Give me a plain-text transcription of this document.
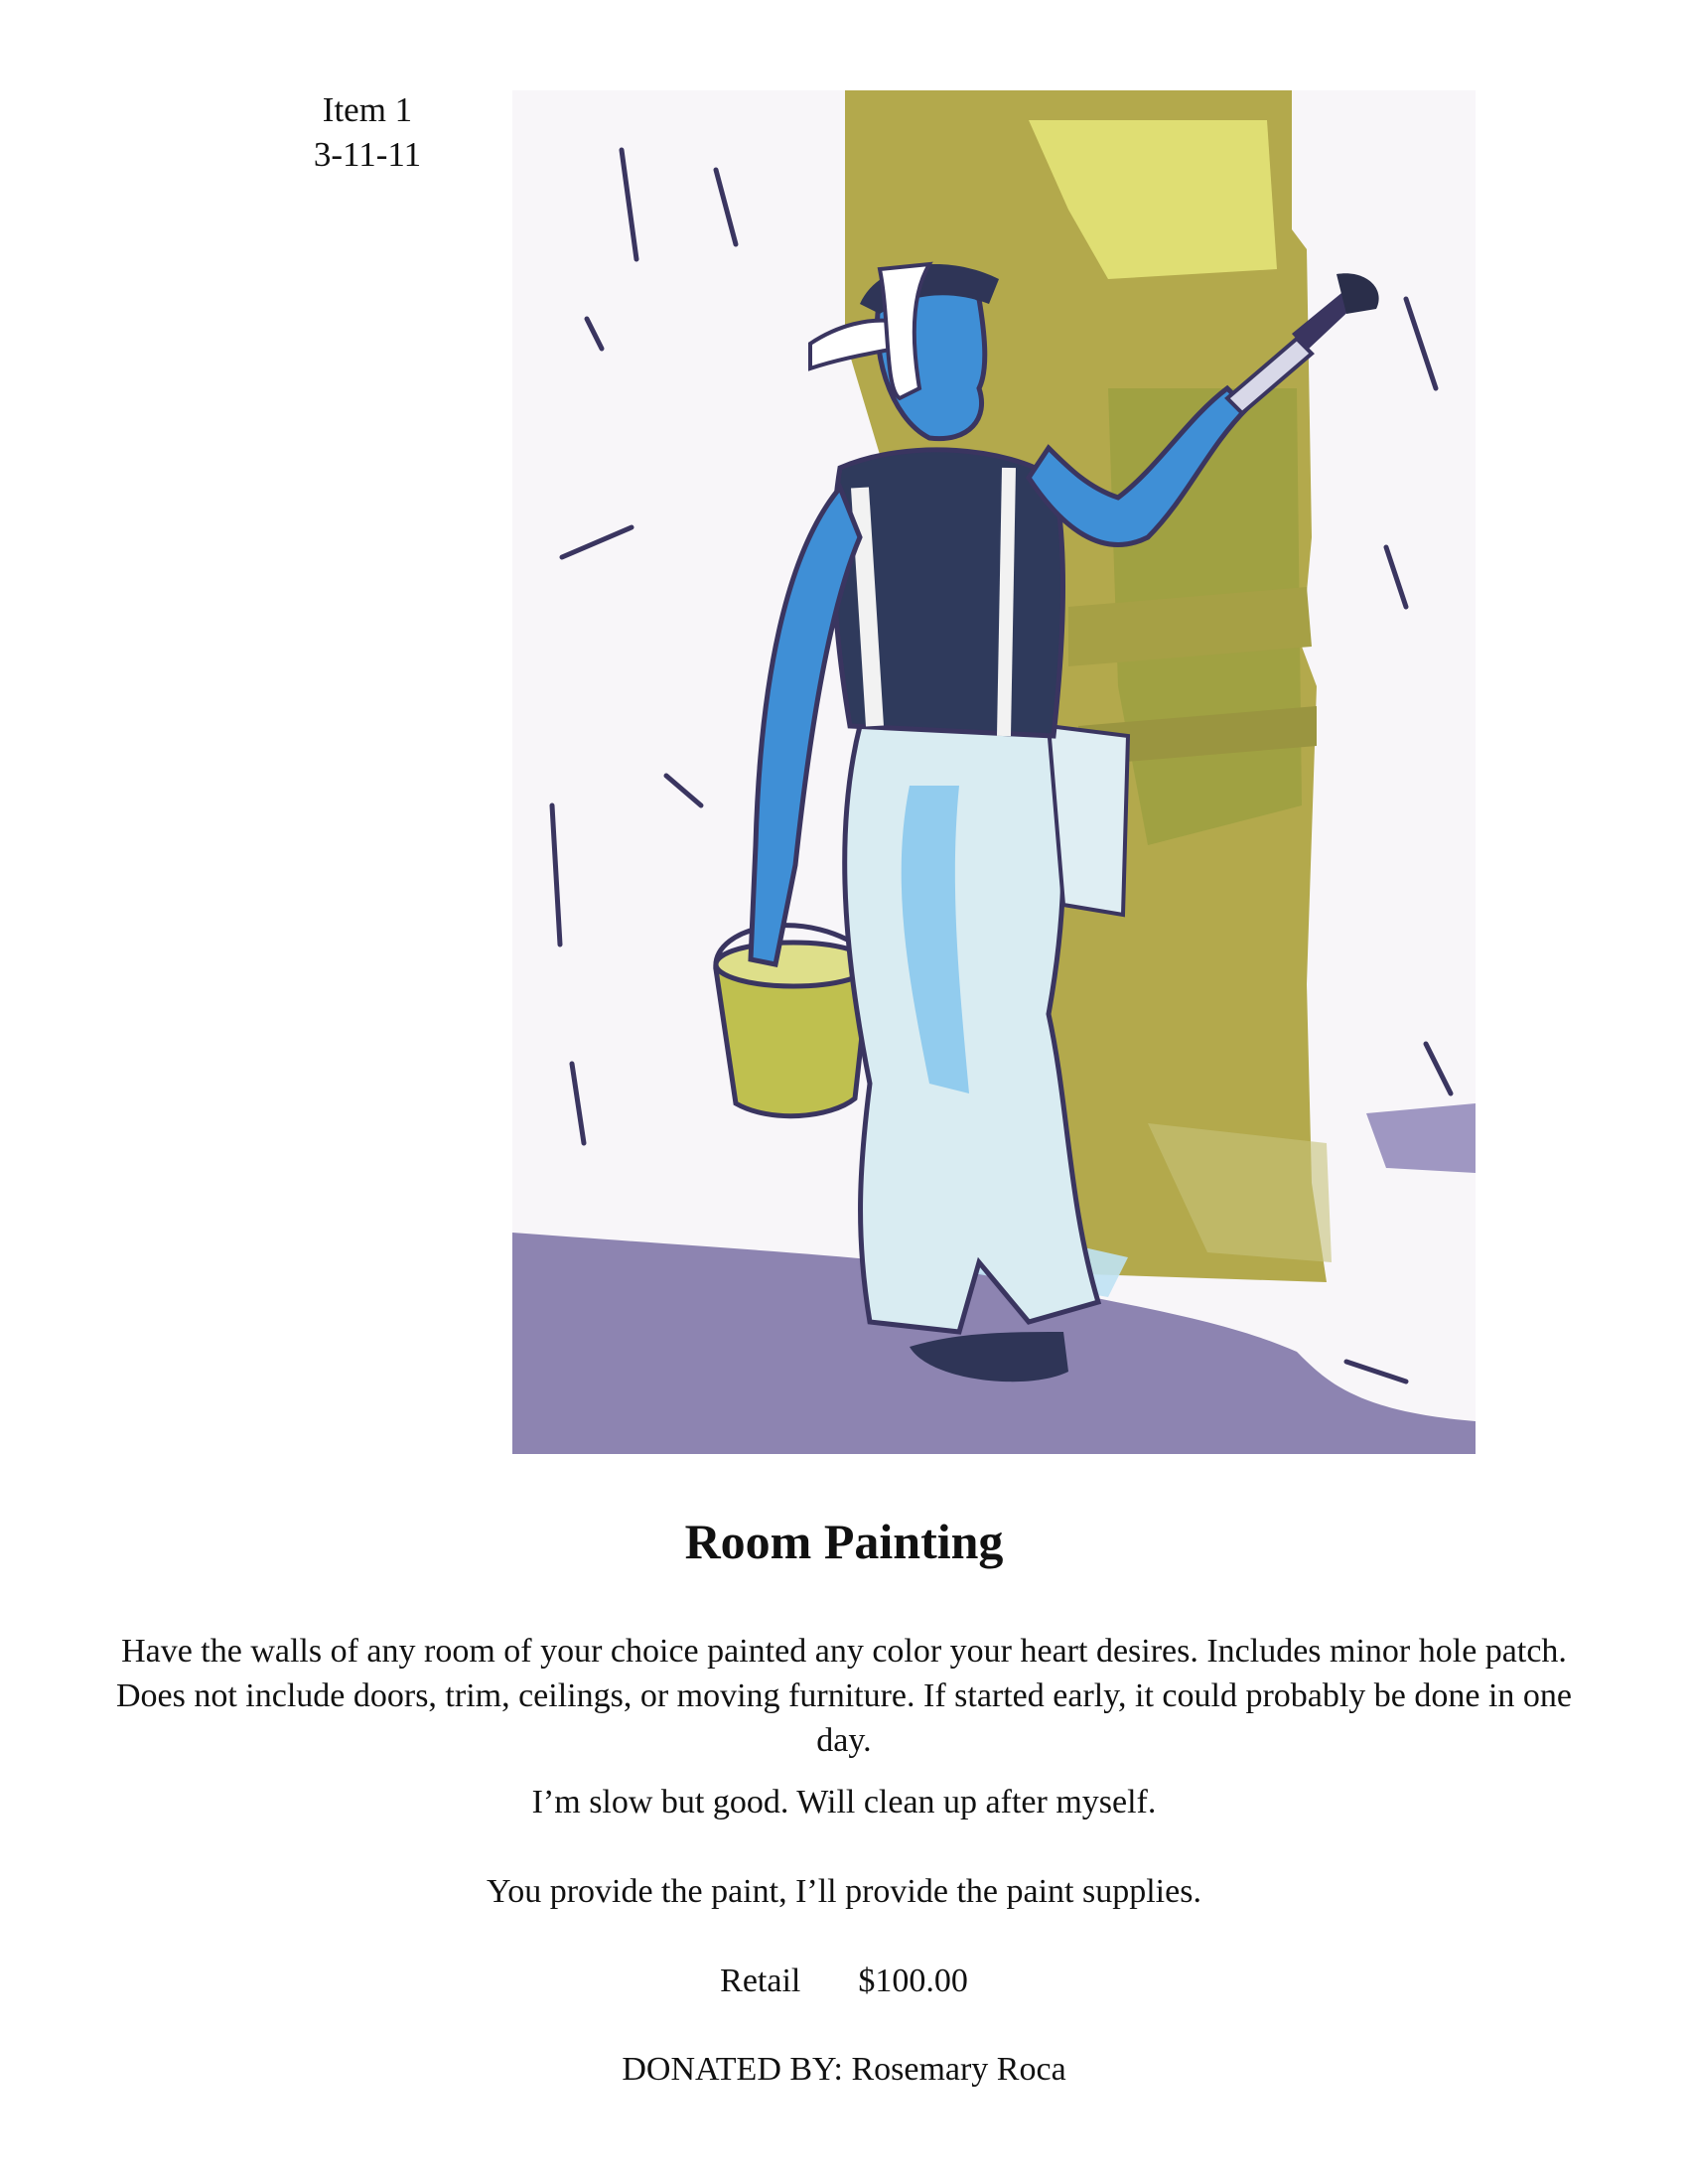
Item 1
3-11-11
Room Painting
Have the walls of any room of your choice painted any color your heart desires. Includes minor hole patch. Does not include doors, trim, ceilings, or moving furniture. If started early, it could probably be done in one day.
I’m slow but good. Will clean up after myself.
You provide the paint, I’ll provide the paint supplies.
Retail $100.00
DONATED BY: Rosemary Roca
